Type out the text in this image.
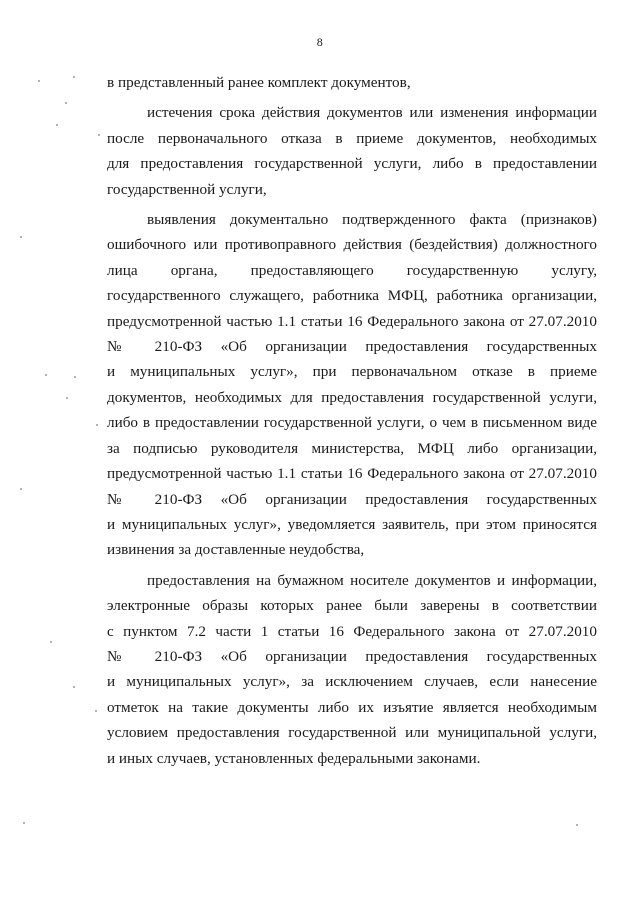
8
в представленный ранее комплект документов,
истечения срока действия документов или изменения информации
после первоначального отказа в приеме документов, необходимых
для предоставления государственной услуги, либо в предоставлении
государственной услуги,
выявления документально подтвержденного факта (признаков)
ошибочного или противоправного действия (бездействия) должностного
лица органа, предоставляющего государственную услугу,
государственного служащего, работника МФЦ, работника организации,
предусмотренной частью 1.1 статьи 16 Федерального закона от 27.07.2010
№ 210-ФЗ «Об организации предоставления государственных
и муниципальных услуг», при первоначальном отказе в приеме
документов, необходимых для предоставления государственной услуги,
либо в предоставлении государственной услуги, о чем в письменном виде
за подписью руководителя министерства, МФЦ либо организации,
предусмотренной частью 1.1 статьи 16 Федерального закона от 27.07.2010
№ 210-ФЗ «Об организации предоставления государственных
и муниципальных услуг», уведомляется заявитель, при этом приносятся
извинения за доставленные неудобства,
предоставления на бумажном носителе документов и информации,
электронные образы которых ранее были заверены в соответствии
с пунктом 7.2 части 1 статьи 16 Федерального закона от 27.07.2010
№ 210-ФЗ «Об организации предоставления государственных
и муниципальных услуг», за исключением случаев, если нанесение
отметок на такие документы либо их изъятие является необходимым
условием предоставления государственной или муниципальной услуги,
и иных случаев, установленных федеральными законами.
